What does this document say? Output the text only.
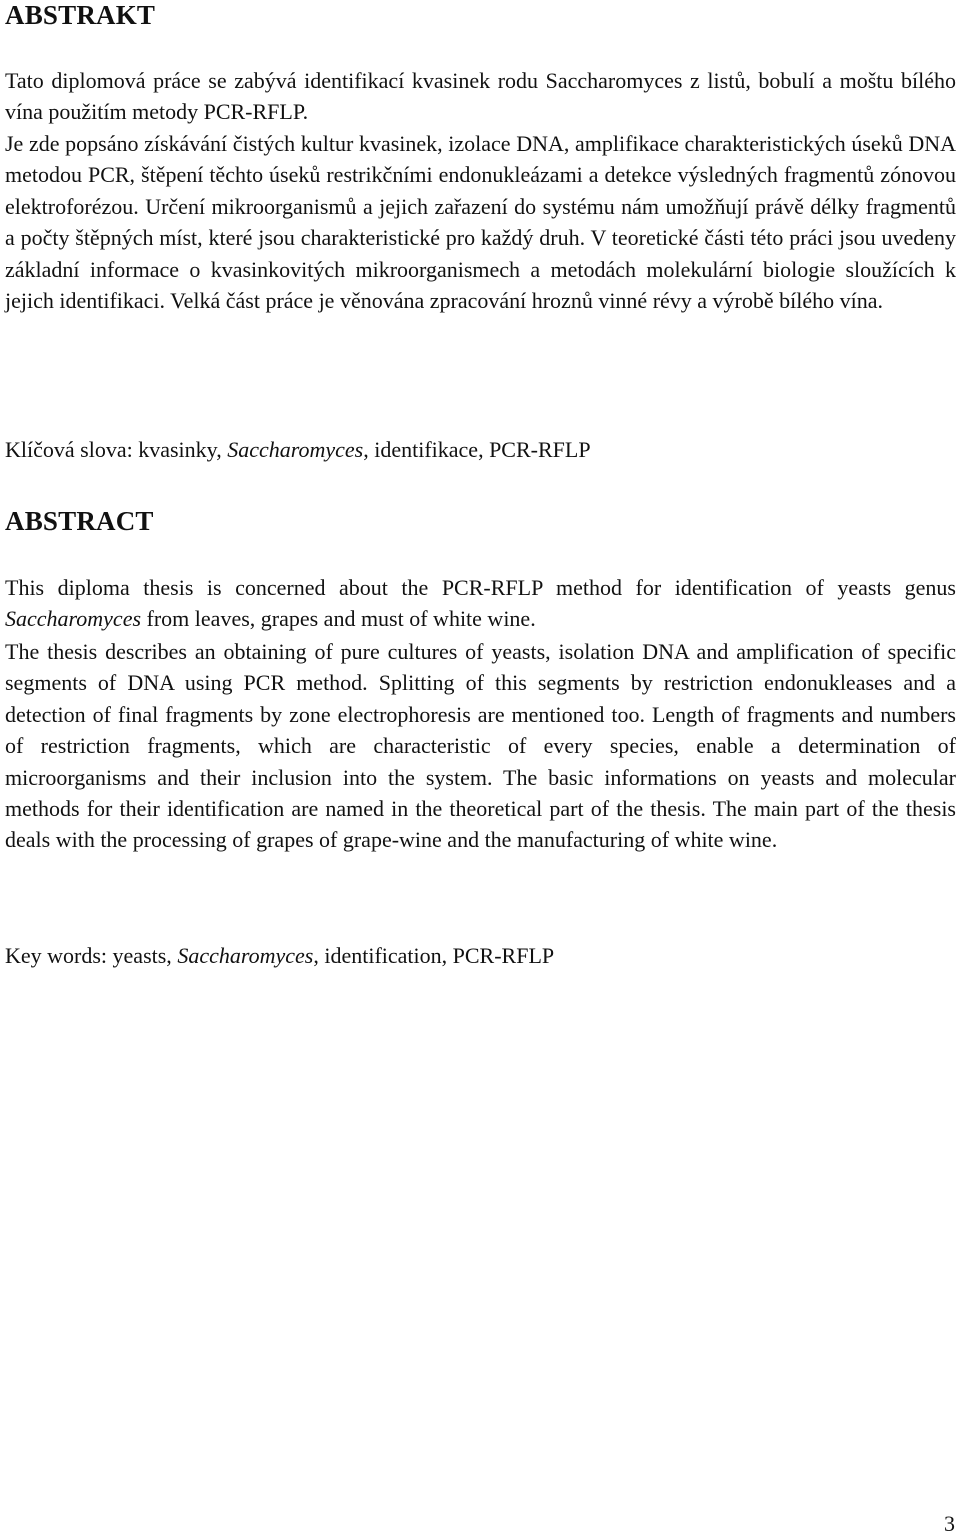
ABSTRAKT

Tato diplomová práce se zabývá identifikací kvasinek rodu Saccharomyces z listů, bobulí a moštu bílého vína použitím metody PCR-RFLP.

Je zde popsáno získávání čistých kultur kvasinek, izolace DNA, amplifikace charakteristických úseků DNA metodou PCR, štěpení těchto úseků restrikčními endonukleázami a detekce výsledných fragmentů zónovou elektroforézou. Určení mikroorganismů a jejich zařazení do systému nám umožňují právě délky fragmentů a počty štěpných míst, které jsou charakteristické pro každý druh. V teoretické části této práci jsou uvedeny základní informace o kvasinkovitých mikroorganismech a metodách molekulární biologie sloužících k jejich identifikaci. Velká část práce je věnována zpracování hroznů vinné révy a výrobě bílého vína.

Klíčová slova: kvasinky, Saccharomyces, identifikace, PCR-RFLP

ABSTRACT

This diploma thesis is concerned about the PCR-RFLP method for identification of yeasts genus Saccharomyces from leaves, grapes and must of white wine.

The thesis describes an obtaining of pure cultures of yeasts, isolation DNA and amplification of specific segments of DNA using PCR method. Splitting of this segments by restriction endonukleases and a detection of final fragments by zone electrophoresis are mentioned too. Length of fragments and numbers of restriction fragments, which are characteristic of every species, enable a determination of microorganisms and their inclusion into the system. The basic informations on yeasts and molecular methods for their identification are named in the theoretical part of the thesis. The main part of the thesis deals with the processing of grapes of grape-wine and the manufacturing of white wine.

Key words: yeasts, Saccharomyces, identification, PCR-RFLP

3
